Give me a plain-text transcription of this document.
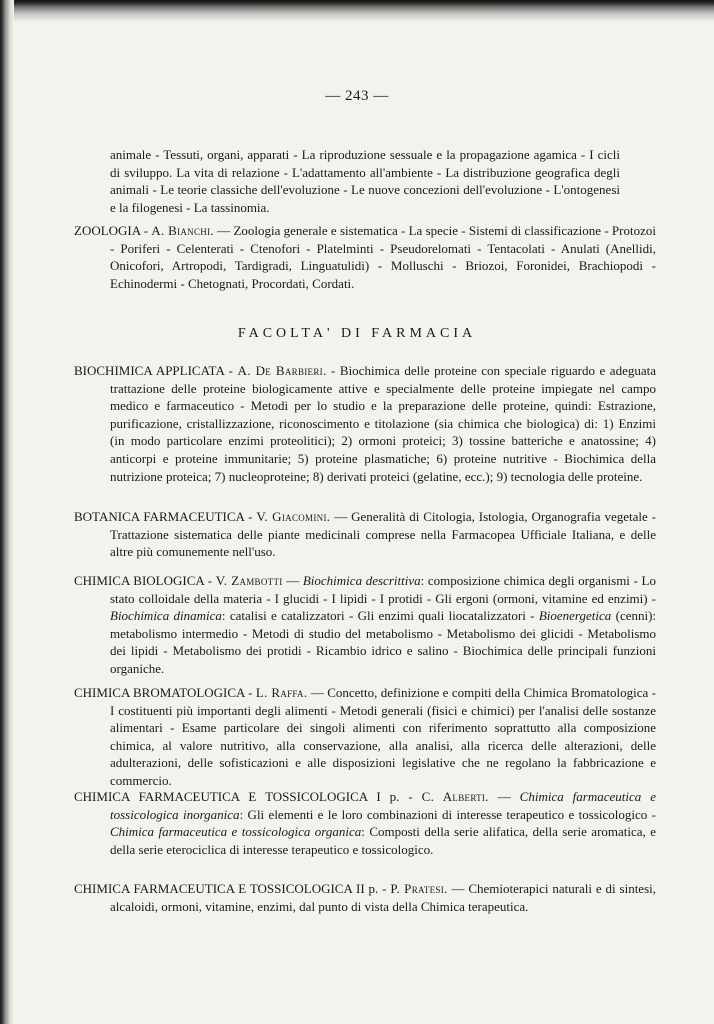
— 243 —
animale - Tessuti, organi, apparati - La riproduzione sessuale e la propagazione agamica - I cicli di sviluppo. La vita di relazione - L'adattamento all'ambiente - La distribuzione geografica degli animali - Le teorie classiche dell'evoluzione - Le nuove concezioni dell'evoluzione - L'ontogenesi e la filogenesi - La tassinomia.
ZOOLOGIA - A. Bianchi. — Zoologia generale e sistematica - La specie - Sistemi di classificazione - Protozoi - Poriferi - Celenterati - Ctenofori - Platelminti - Pseudorelomati - Tentacolati - Anulati (Anellidi, Onicofori, Artropodi, Tardigradi, Linguatulidi) - Molluschi - Briozoi, Foronidei, Brachiopodi - Echinodermi - Chetognati, Procordati, Cordati.
FACOLTA' DI FARMACIA
BIOCHIMICA APPLICATA - A. De Barbieri. - Biochimica delle proteine con speciale riguardo e adeguata trattazione delle proteine biologicamente attive e specialmente delle proteine impiegate nel campo medico e farmaceutico - Metodi per lo studio e la preparazione delle proteine, quindi: Estrazione, purificazione, cristallizzazione, riconoscimento e titolazione (sia chimica che biologica) di: 1) Enzimi (in modo particolare enzimi proteolitici); 2) ormoni proteici; 3) tossine batteriche e anatossine; 4) anticorpi e proteine immunitarie; 5) proteine plasmatiche; 6) proteine nutritive - Biochimica della nutrizione proteica; 7) nucleoproteine; 8) derivati proteici (gelatine, ecc.); 9) tecnologia delle proteine.
BOTANICA FARMACEUTICA - V. Giacomini. — Generalità di Citologia, Istologia, Organografia vegetale - Trattazione sistematica delle piante medicinali comprese nella Farmacopea Ufficiale Italiana, e delle altre più comunemente nell'uso.
CHIMICA BIOLOGICA - V. Zambotti — Biochimica descrittiva: composizione chimica degli organismi - Lo stato colloidale della materia - I glucidi - I lipidi - I protidi - Gli ergoni (ormoni, vitamine ed enzimi) - Biochimica dinamica: catalisi e catalizzatori - Gli enzimi quali liocatalizzatori - Bioenergetica (cenni): metabolismo intermedio - Metodi di studio del metabolismo - Metabolismo dei glicidi - Metabolismo dei lipidi - Metabolismo dei protidi - Ricambio idrico e salino - Biochimica delle principali funzioni organiche.
CHIMICA BROMATOLOGICA - L. Raffa. — Concetto, definizione e compiti della Chimica Bromatologica - I costituenti più importanti degli alimenti - Metodi generali (fisici e chimici) per l'analisi delle sostanze alimentari - Esame particolare dei singoli alimenti con riferimento soprattutto alla composizione chimica, al valore nutritivo, alla conservazione, alla analisi, alla ricerca delle alterazioni, delle adulterazioni, delle sofisticazioni e alle disposizioni legislative che ne regolano la fabbricazione e commercio.
CHIMICA FARMACEUTICA E TOSSICOLOGICA I p. - C. Alberti. — Chimica farmaceutica e tossicologica inorganica: Gli elementi e le loro combinazioni di interesse terapeutico e tossicologico - Chimica farmaceutica e tossicologica organica: Composti della serie alifatica, della serie aromatica, e della serie eterociclica di interesse terapeutico e tossicologico.
CHIMICA FARMACEUTICA E TOSSICOLOGICA II p. - P. Pratesi. — Chemioterapici naturali e di sintesi, alcaloidi, ormoni, vitamine, enzimi, dal punto di vista della Chimica terapeutica.
